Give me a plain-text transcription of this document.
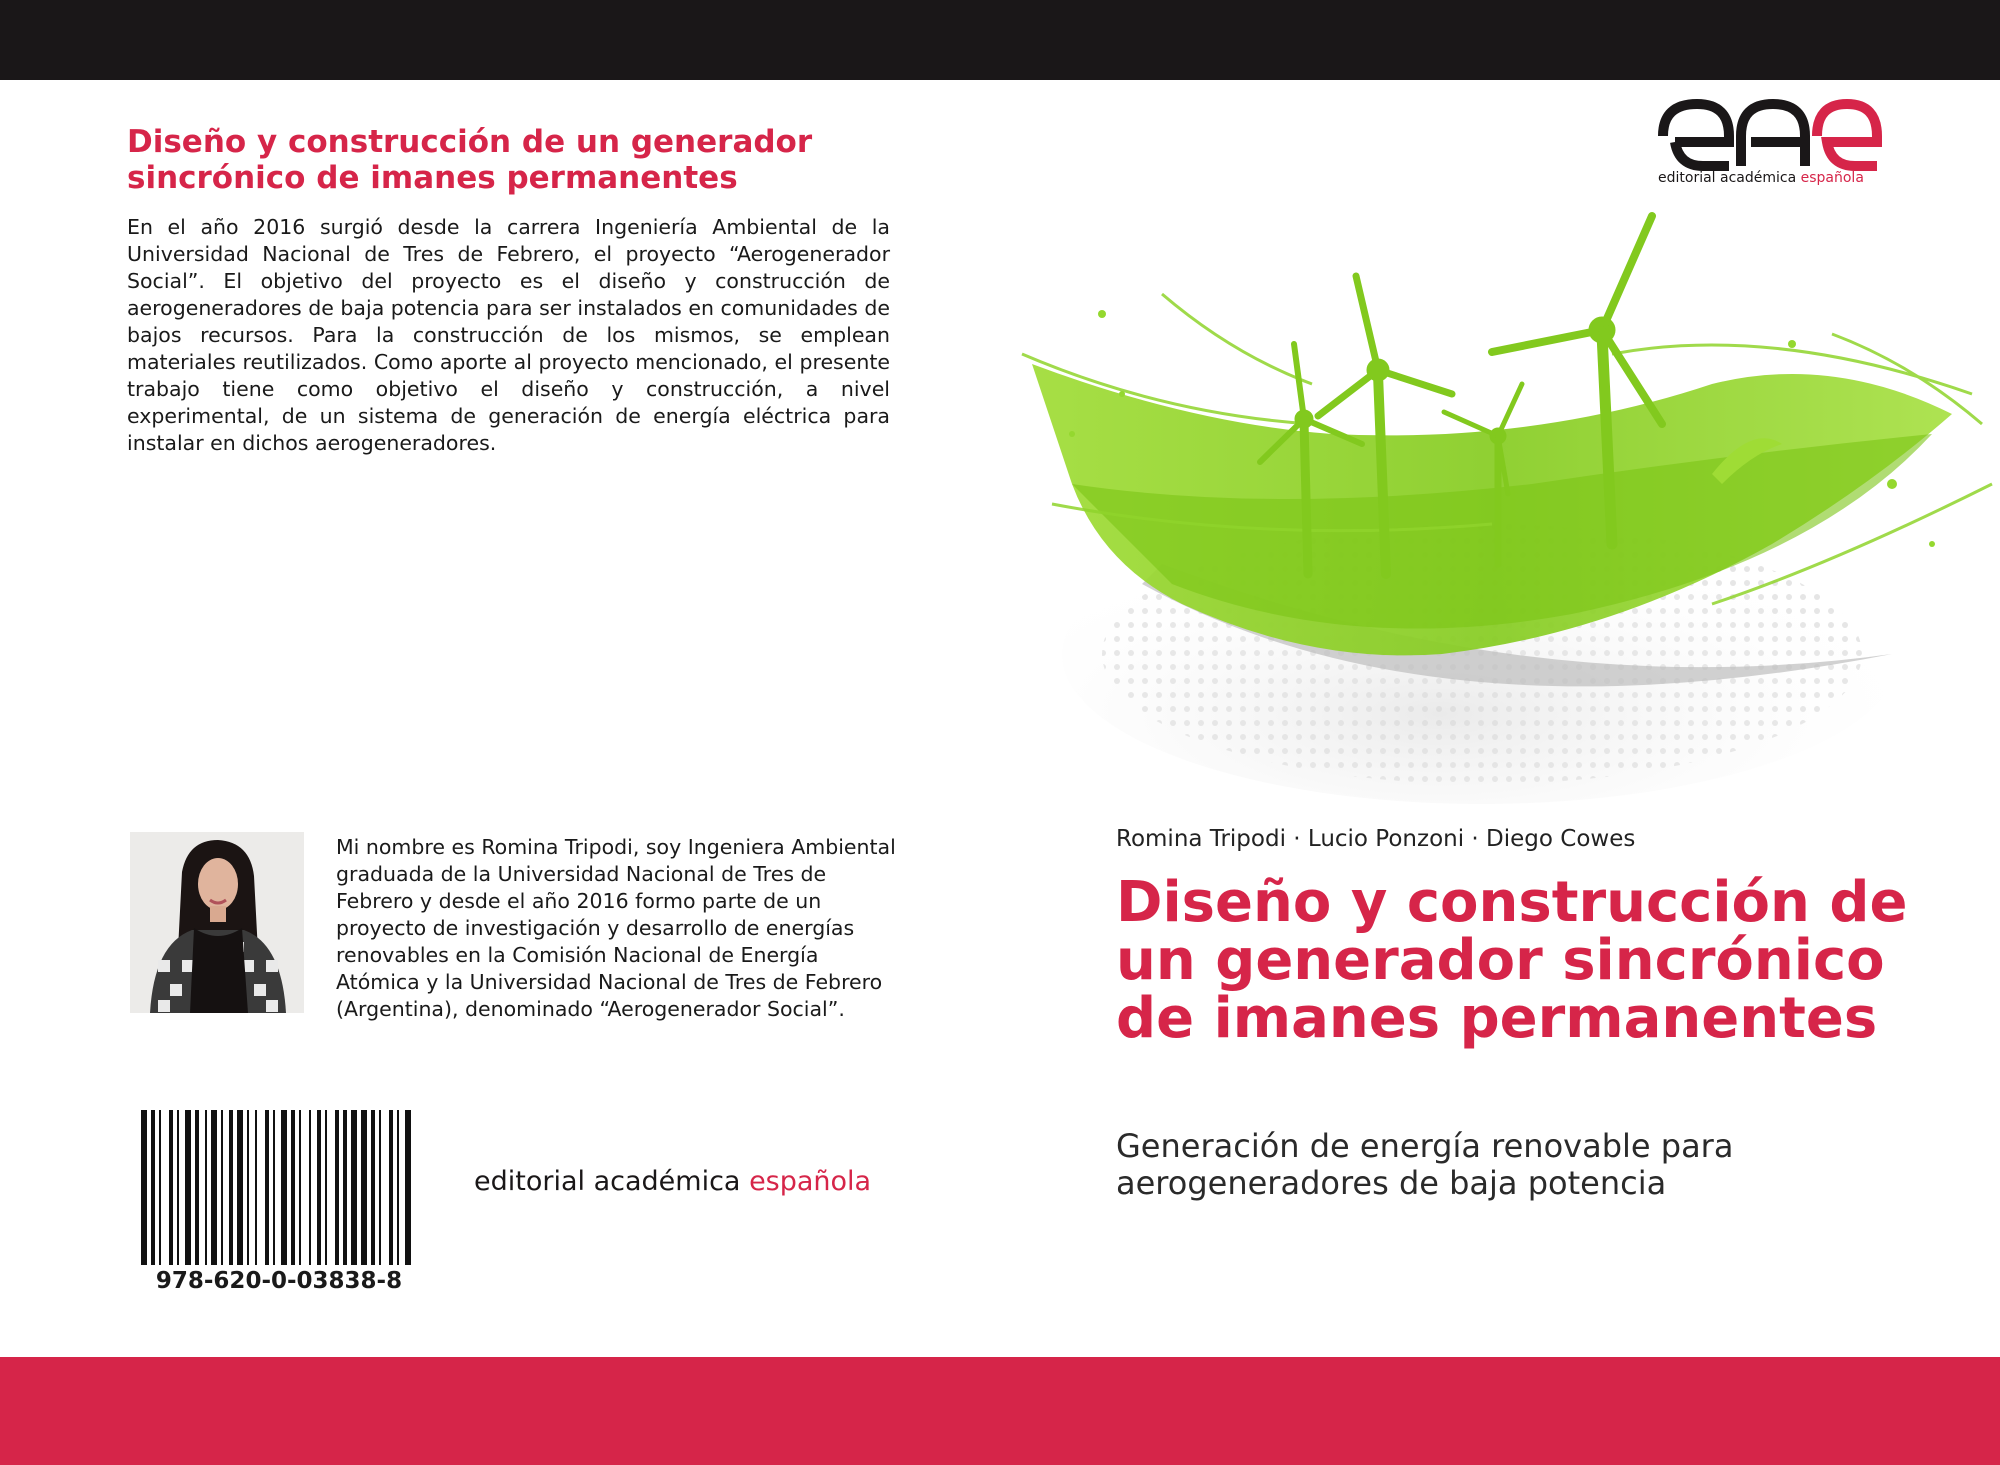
Diseño y construcción de un generador sincrónico de imanes permanentes

En el año 2016 surgió desde la carrera Ingeniería Ambiental de la Universidad Nacional de Tres de Febrero, el proyecto “Aerogenerador Social”. El objetivo del proyecto es el diseño y construcción de aerogeneradores de baja potencia para ser instalados en comunidades de bajos recursos. Para la construcción de los mismos, se emplean materiales reutilizados. Como aporte al proyecto mencionado, el presente trabajo tiene como objetivo el diseño y construcción, a nivel experimental, de un sistema de generación de energía eléctrica para instalar en dichos aerogeneradores.

Mi nombre es Romina Tripodi, soy Ingeniera Ambiental graduada de la Universidad Nacional de Tres de Febrero y desde el año 2016 formo parte de un proyecto de investigación y desarrollo de energías renovables en la Comisión Nacional de Energía Atómica y la Universidad Nacional de Tres de Febrero (Argentina), denominado “Aerogenerador Social”.

978-620-0-03838-8
editorial académica española
editorial académica española
Romina Tripodi · Lucio Ponzoni · Diego Cowes
Diseño y construcción de un generador sincrónico de imanes permanentes

Generación de energía renovable para aerogeneradores de baja potencia
